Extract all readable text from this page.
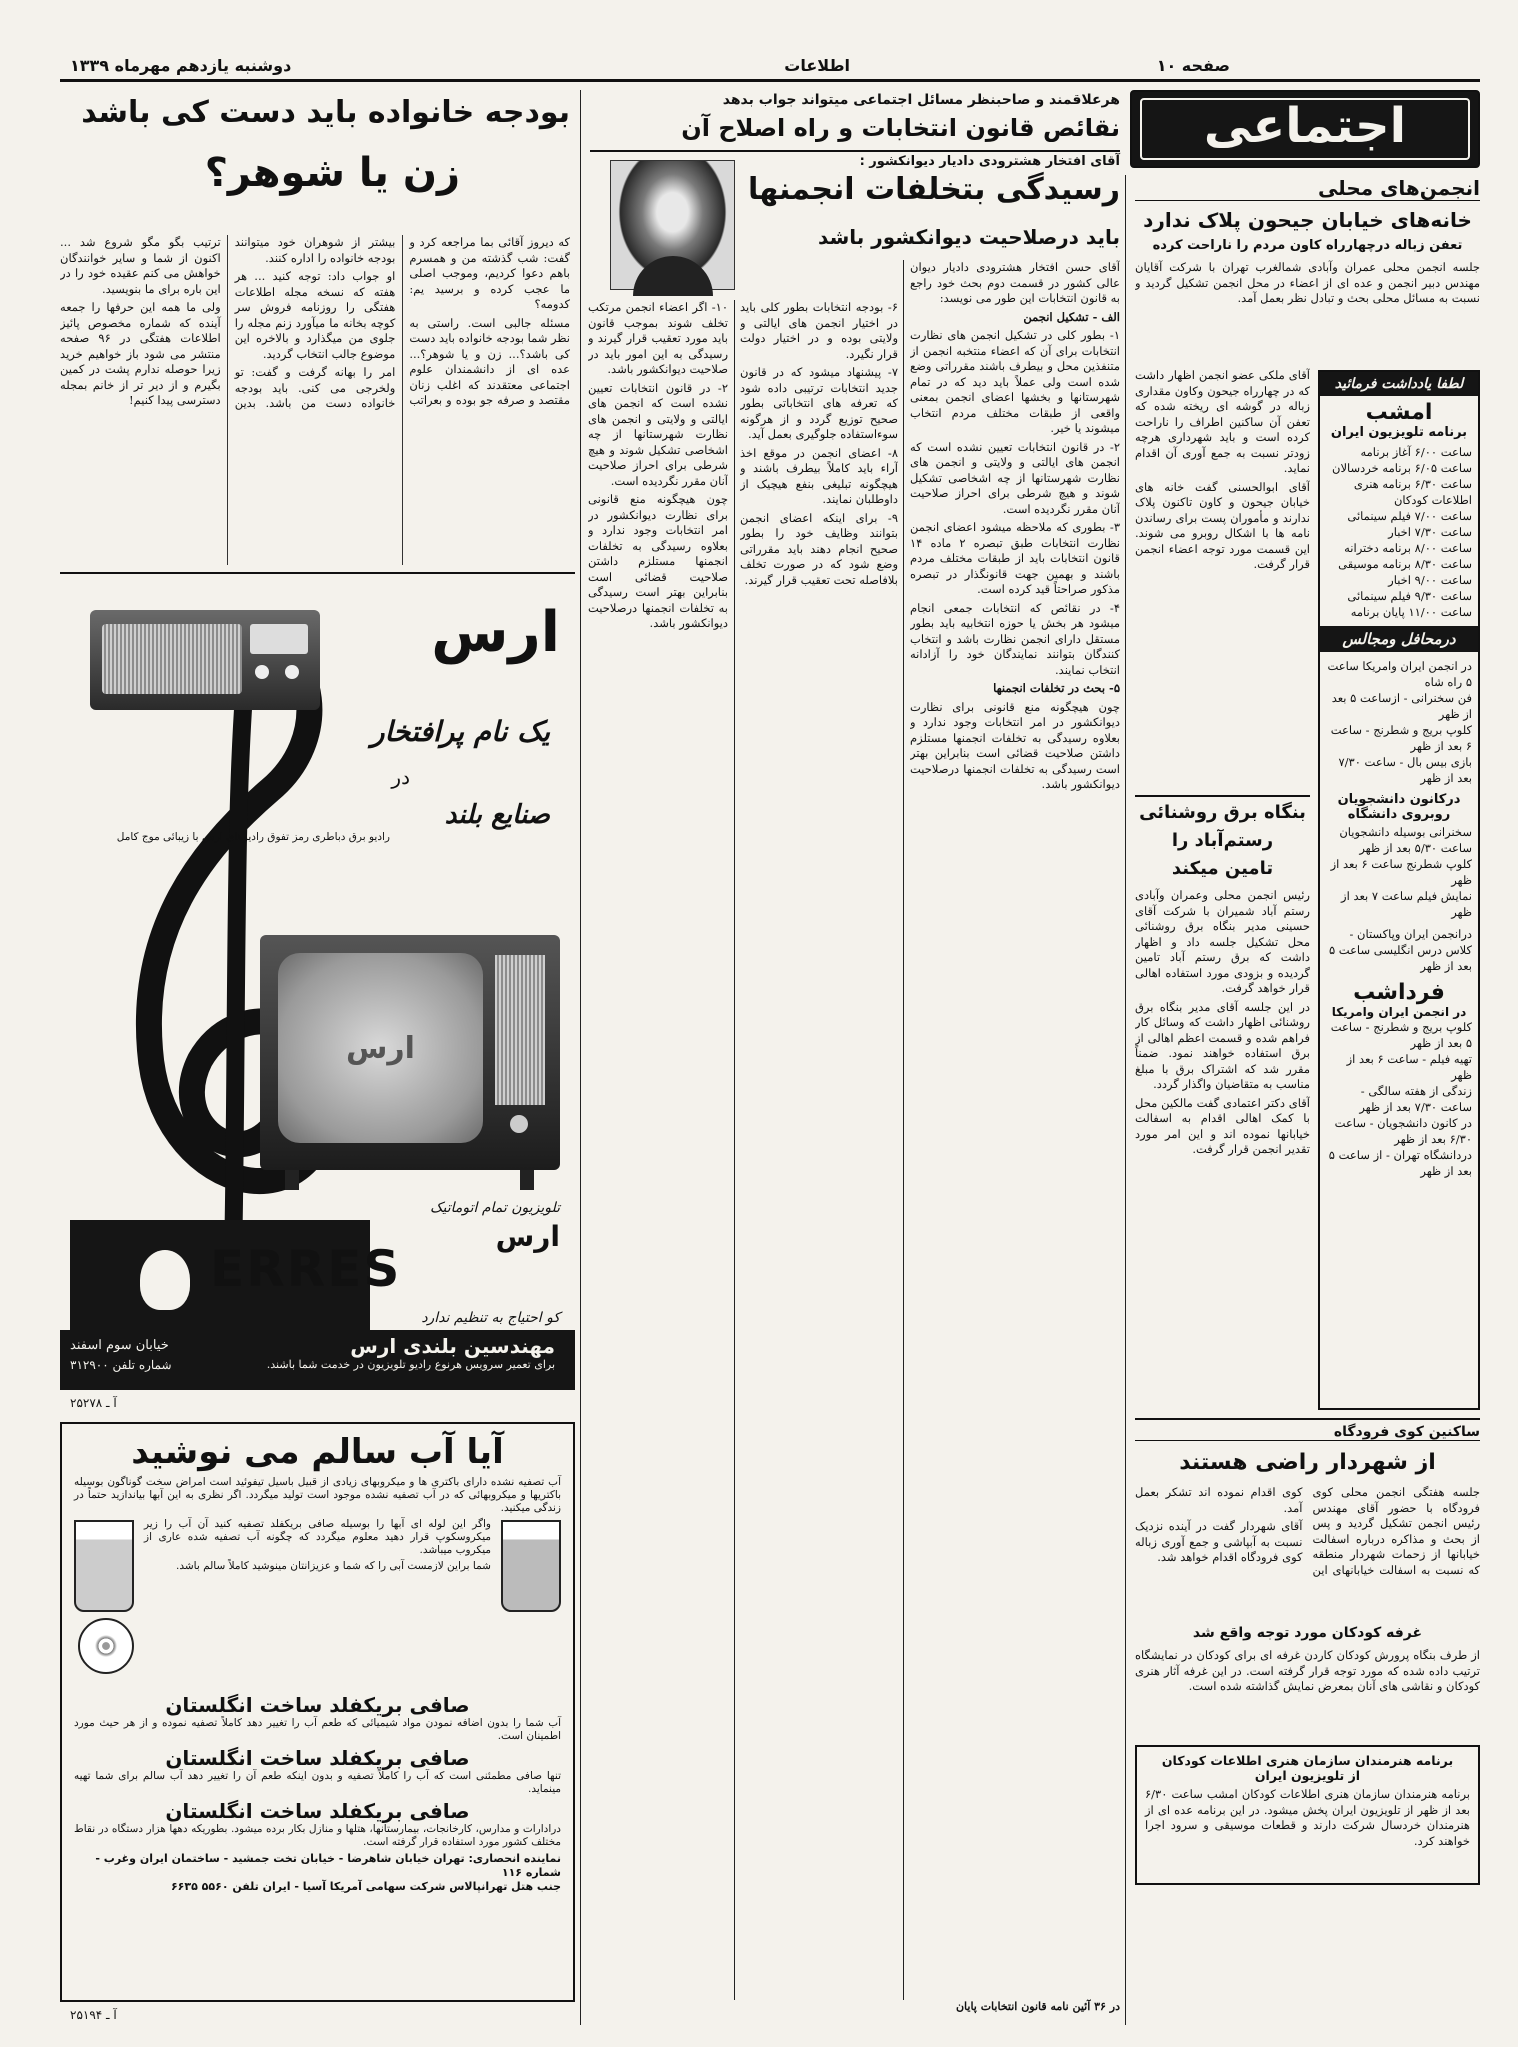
صفحه ۱۰
اطلاعات
دوشنبه یازدهم مهرماه ۱۳۳۹
اجتماعی
هرعلاقمند و صاحبنظر مسائل اجتماعی میتواند جواب بدهد
نقائص قانون انتخابات و راه اصلاح آن
آقای افتخار هشترودی دادیار دیوانکشور :
رسیدگی بتخلفات انجمنها
باید درصلاحیت دیوانکشور باشد

آقای حسن افتخار هشترودی دادیار دیوان عالی کشور در قسمت دوم بحث خود راجع به قانون انتخابات این طور می نویسد:

الف - تشکیل انجمن

۱- بطور کلی در تشکیل انجمن های نظارت انتخابات برای آن که اعضاء منتخبه انجمن از متنفذین محل و بیطرف باشند مقرراتی وضع شده است ولی عملاً باید دید که در تمام شهرستانها و بخشها اعضای انجمن بمعنی واقعی از طبقات مختلف مردم انتخاب میشوند یا خیر.

۲- در قانون انتخابات تعیین نشده است که انجمن های ایالتی و ولایتی و انجمن های نظارت شهرستانها از چه اشخاصی تشکیل شوند و هیچ شرطی برای احراز صلاحیت آنان مقرر نگردیده است.

۳- بطوری که ملاحظه میشود اعضای انجمن نظارت انتخابات طبق تبصره ۲ ماده ۱۴ قانون انتخابات باید از طبقات مختلف مردم باشند و بهمین جهت قانونگذار در تبصره مذکور صراحتاً قید کرده است.

۴- در نقائص که انتخابات جمعی انجام میشود هر بخش یا حوزه انتخابیه باید بطور مستقل دارای انجمن نظارت باشد و انتخاب کنندگان بتوانند نمایندگان خود را آزادانه انتخاب نمایند.

۵- بحث در تخلفات انجمنها

چون هیچگونه منع قانونی برای نظارت دیوانکشور در امر انتخابات وجود ندارد و بعلاوه رسیدگی به تخلفات انجمنها مستلزم داشتن صلاحیت قضائی است بنابراین بهتر است رسیدگی به تخلفات انجمنها درصلاحیت دیوانکشور باشد.

۶- بودجه انتخابات بطور کلی باید در اختیار انجمن های ایالتی و ولایتی بوده و در اختیار دولت قرار نگیرد.

۷- پیشنهاد میشود که در قانون جدید انتخابات ترتیبی داده شود که تعرفه های انتخاباتی بطور صحیح توزیع گردد و از هرگونه سوءاستفاده جلوگیری بعمل آید.

۸- اعضای انجمن در موقع اخذ آراء باید کاملاً بیطرف باشند و هیچگونه تبلیغی بنفع هیچیک از داوطلبان نمایند.

۹- برای اینکه اعضای انجمن بتوانند وظایف خود را بطور صحیح انجام دهند باید مقرراتی وضع شود که در صورت تخلف بلافاصله تحت تعقیب قرار گیرند.

۱۰- اگر اعضاء انجمن مرتکب تخلف شوند بموجب قانون باید مورد تعقیب قرار گیرند و رسیدگی به این امور باید در صلاحیت دیوانکشور باشد.

۲- در قانون انتخابات تعیین نشده است که انجمن های ایالتی و ولایتی و انجمن های نظارت شهرستانها از چه اشخاصی تشکیل شوند و هیچ شرطی برای احراز صلاحیت آنان مقرر نگردیده است.

چون هیچگونه منع قانونی برای نظارت دیوانکشور در امر انتخابات وجود ندارد و بعلاوه رسیدگی به تخلفات انجمنها مستلزم داشتن صلاحیت قضائی است بنابراین بهتر است رسیدگی به تخلفات انجمنها درصلاحیت دیوانکشور باشد.

در ۳۶ آئین نامه قانون انتخابات پایان
بودجه خانواده باید دست کی باشد
زن یا شوهر؟

که دیروز آقائی بما مراجعه کرد و گفت: شب گذشته من و همسرم باهم دعوا کردیم، وموجب اصلی ما عجب کرده و برسید یم: کدومه؟

مسئله جالبی است. راستی به نظر شما بودجه خانواده باید دست کی باشد؟... زن و یا شوهر؟... عده ای از دانشمندان علوم اجتماعی معتقدند که اغلب زنان مقتصد و صرفه جو بوده و بعراتب بیشتر از شوهران خود میتوانند بودجه خانواده را اداره کنند.

او جواب داد: توجه کنید ... هر هفته که نسخه مجله اطلاعات هفتگی را روزنامه فروش سر کوچه بخانه ما میآورد زنم مجله را جلوی من میگذارد و بالاخره این موضوع جالب انتخاب گردید.

امر را بهانه گرفت و گفت: تو ولخرجی می کنی. باید بودجه خانواده دست من باشد. بدین ترتیب بگو مگو شروع شد ... اکنون از شما و سایر خوانندگان خواهش می کنم عقیده خود را در این باره برای ما بنویسید.

ولی ما همه این حرفها را جمعه آینده که شماره مخصوص پائیز اطلاعات هفتگی در ۹۶ صفحه منتشر می شود باز خواهیم خرید زیرا حوصله ندارم پشت در کمین بگیرم و از دیر تر از خانم بمجله دسترسی پیدا کنیم!

ارس
یک نام پرافتخار
در
صنایع بلند
رادیو برق دباطری رمز تفوق رادیوهای ارس با زیبائی موج کامل
ارس
تلویزیون تمام اتوماتیک
ارس
ERRES
کو احتیاج به تنظیم ندارد
مهندسین بلندی ارس
برای تعمیر سرویس هرنوع رادیو تلویزیون در خدمت شما باشند.
خیابان سوم اسفند
شماره تلفن ۳۱۲۹۰۰
آ ـ ۲۵۲۷۸
آیا آب سالم می نوشید

آب تصفیه نشده دارای باکتری ها و میکروبهای زیادی از قبیل باسیل تیفوئید است امراض سخت گوناگون بوسیله باکتریها و میکروبهائی که در آب تصفیه نشده موجود است تولید میگردد. اگر نظری به این آبها بیاندازید حتماً در زندگی میکنید.

واگر این لوله ای آبها را بوسیله صافی بریکفلد تصفیه کنید آن آب را زیر میکروسکوپ قرار دهید معلوم میگردد که چگونه آب تصفیه شده عاری از میکروب میباشد.

شما براین لازمست آبی را که شما و عزیزانتان مینوشید کاملاً سالم باشد.

صافی بریکفلد ساخت انگلستان

آب شما را بدون اضافه نمودن مواد شیمیائی که طعم آب را تغییر دهد کاملاً تصفیه نموده و از هر حیث مورد اطمینان است.

صافی بریکفلد ساخت انگلستان

تنها صافی مطمئنی است که آب را کاملاً تصفیه و بدون اینکه طعم آن را تغییر دهد آب سالم برای شما تهیه مینماید.

صافی بریکفلد ساخت انگلستان

درادارات و مدارس، کارخانجات، بیمارستانها، هتلها و منازل بکار برده میشود. بطوریکه دهها هزار دستگاه در نقاط مختلف کشور مورد استفاده قرار گرفته است.

نماینده انحصاری: تهران خیابان شاهرضا - خیابان تخت جمشید - ساختمان ایران وغرب - شماره ۱۱۶
جنب هتل تهرانپالاس شرکت سهامی آمریکا آسیا - ایران تلفن ۵۵۶۰ ۶۶۳۵
آ ـ ۲۵۱۹۴
انجمن‌های محلی
خانه‌های خیابان جیحون پلاک ندارد
تعفن زباله درچهارراه کاون مردم را ناراحت کرده

جلسه انجمن محلی عمران وآبادی شمالغرب تهران با شرکت آقایان مهندس دبیر انجمن و عده ای از اعضاء در محل انجمن تشکیل گردید و نسبت به مسائل محلی بحث و تبادل نظر بعمل آمد.

آقای ملکی عضو انجمن اظهار داشت که در چهارراه جیحون وکاون مقداری زباله در گوشه ای ریخته شده که تعفن آن ساکنین اطراف را ناراحت کرده است و باید شهرداری هرچه زودتر نسبت به جمع آوری آن اقدام نماید.

آقای ابوالحسنی گفت خانه های خیابان جیحون و کاون تاکنون پلاک ندارند و مأموران پست برای رساندن نامه ها با اشکال روبرو می شوند. این قسمت مورد توجه اعضاء انجمن قرار گرفت.

بنگاه برق روشنائی
رستم‌آباد را
تامین میکند

رئیس انجمن محلی وعمران وآبادی رستم آباد شمیران با شرکت آقای حسینی مدیر بنگاه برق روشنائی محل تشکیل جلسه داد و اظهار داشت که برق رستم آباد تامین گردیده و بزودی مورد استفاده اهالی قرار خواهد گرفت.

در این جلسه آقای مدیر بنگاه برق روشنائی اظهار داشت که وسائل کار فراهم شده و قسمت اعظم اهالی از برق استفاده خواهند نمود. ضمناً مقرر شد که اشتراک برق با مبلغ مناسب به متقاضیان واگذار گردد.

آقای دکتر اعتمادی گفت مالکین محل با کمک اهالی اقدام به اسفالت خیابانها نموده اند و این امر مورد تقدیر انجمن قرار گرفت.

لطفا یادداشت فرمائید
امشب
برنامه تلویزیون ایران
ساعت ۶/۰۰ آغاز برنامه
ساعت ۶/۰۵ برنامه خردسالان
ساعت ۶/۳۰ برنامه هنری اطلاعات کودکان
ساعت ۷/۰۰ فیلم سینمائی
ساعت ۷/۳۰ اخبار
ساعت ۸/۰۰ برنامه دخترانه
ساعت ۸/۳۰ برنامه موسیقی
ساعت ۹/۰۰ اخبار
ساعت ۹/۳۰ فیلم سینمائی
ساعت ۱۱/۰۰ پایان برنامه
درمحافل ومجالس
در انجمن ایران وامریکا ساعت ۵ راه شاه
فن سخنرانی - ازساعت ۵ بعد از ظهر
کلوپ بریج و شطرنج - ساعت ۶ بعد از ظهر
بازی بیس بال - ساعت ۷/۳۰ بعد از ظهر
درکانون دانشجویان روبروی دانشگاه
سخنرانی بوسیله دانشجویان ساعت ۵/۳۰ بعد از ظهر
کلوپ شطرنج ساعت ۶ بعد از ظهر
نمایش فیلم ساعت ۷ بعد از ظهر
درانجمن ایران وپاکستان - کلاس درس انگلیسی ساعت ۵ بعد از ظهر
فرداشب
در انجمن ایران وامریکا
کلوپ بریج و شطرنج - ساعت ۵ بعد از ظهر
تهیه فیلم - ساعت ۶ بعد از ظهر
زندگی از هفته سالگی - ساعت ۷/۳۰ بعد از ظهر
در کانون دانشجویان - ساعت ۶/۳۰ بعد از ظهر
دردانشگاه تهران - از ساعت ۵ بعد از ظهر
ساکنین کوی فرودگاه
از شهردار راضی هستند

جلسه هفتگی انجمن محلی کوی فرودگاه با حضور آقای مهندس رئیس انجمن تشکیل گردید و پس از بحث و مذاکره درباره اسفالت خیابانها از زحمات شهردار منطقه که نسبت به اسفالت خیابانهای این کوی اقدام نموده اند تشکر بعمل آمد.

آقای شهردار گفت در آینده نزدیک نسبت به آبپاشی و جمع آوری زباله کوی فرودگاه اقدام خواهد شد.

غرفه کودکان مورد توجه واقع شد

از طرف بنگاه پرورش کودکان کاردن غرفه ای برای کودکان در نمایشگاه ترتیب داده شده که مورد توجه قرار گرفته است. در این غرفه آثار هنری کودکان و نقاشی های آنان بمعرض نمایش گذاشته شده است.

برنامه هنرمندان سازمان هنری اطلاعات کودکان
از تلویزیون ایران

برنامه هنرمندان سازمان هنری اطلاعات کودکان امشب ساعت ۶/۳۰ بعد از ظهر از تلویزیون ایران پخش میشود. در این برنامه عده ای از هنرمندان خردسال شرکت دارند و قطعات موسیقی و سرود اجرا خواهند کرد.
